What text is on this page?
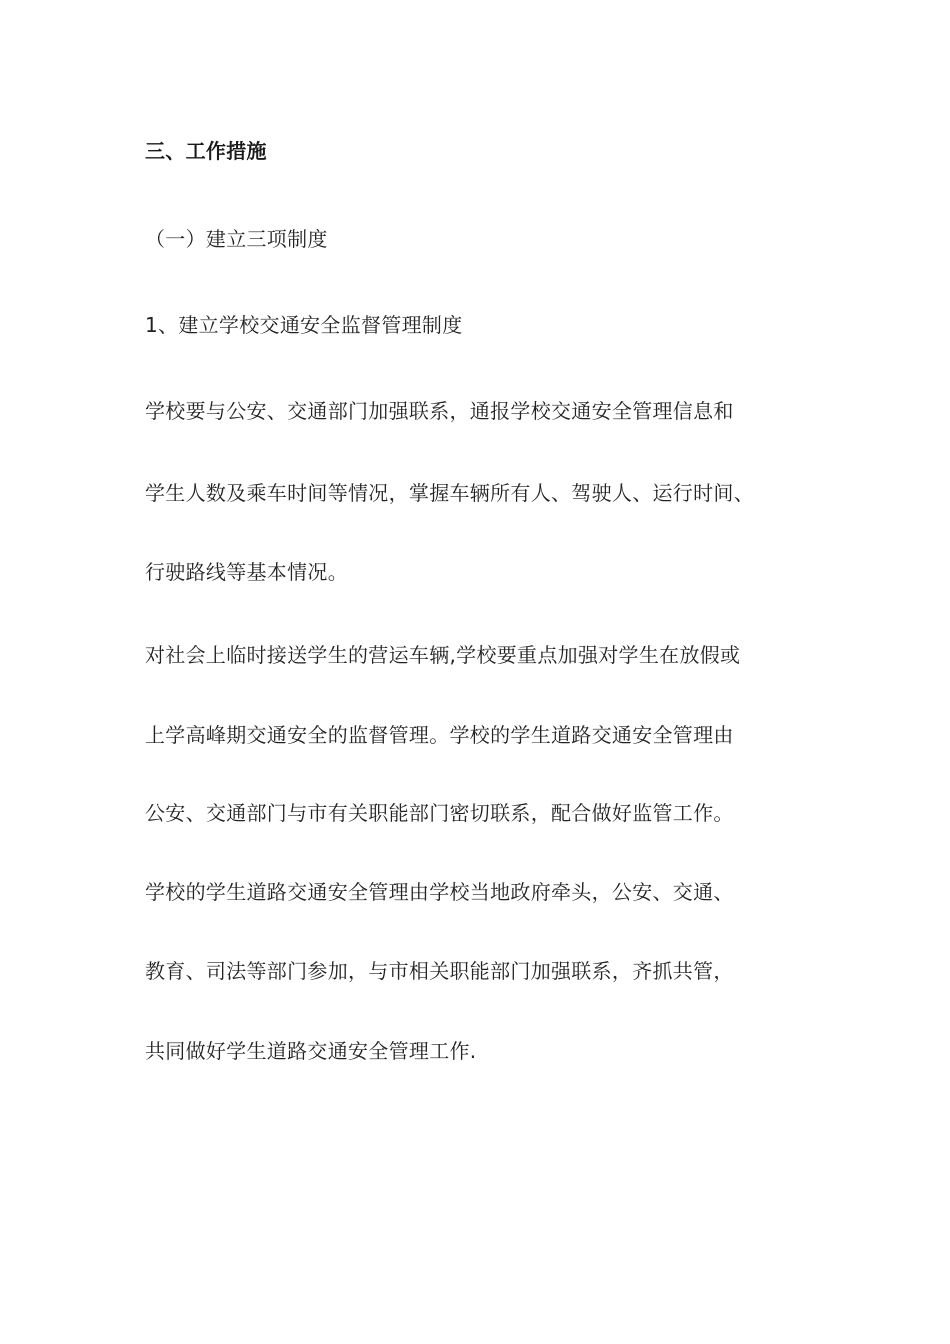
三、工作措施
（一）建立三项制度
1、建立学校交通安全监督管理制度
学校要与公安、交通部门加强联系，通报学校交通安全管理信息和
学生人数及乘车时间等情况，掌握车辆所有人、驾驶人、运行时间、
行驶路线等基本情况。
对社会上临时接送学生的营运车辆,学校要重点加强对学生在放假或
上学高峰期交通安全的监督管理。学校的学生道路交通安全管理由
公安、交通部门与市有关职能部门密切联系，配合做好监管工作。
学校的学生道路交通安全管理由学校当地政府牵头，公安、交通、
教育、司法等部门参加，与市相关职能部门加强联系，齐抓共管，
共同做好学生道路交通安全管理工作.
